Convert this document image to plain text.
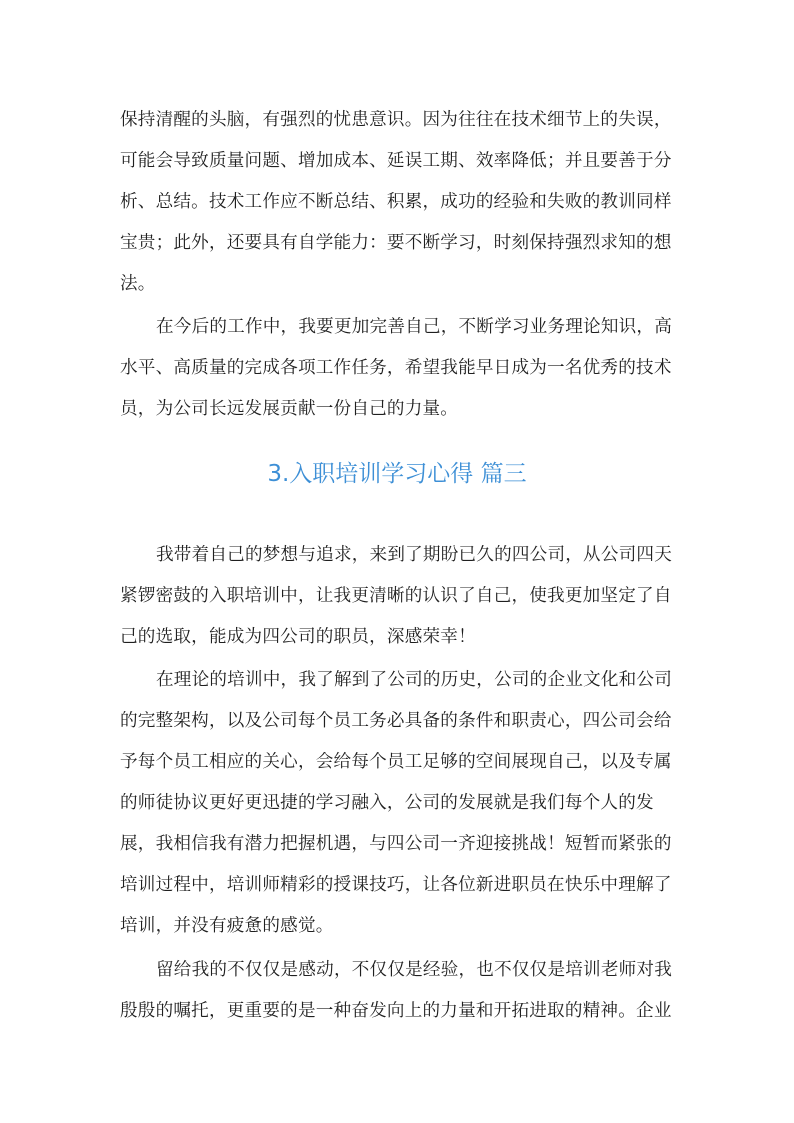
保持清醒的头脑，有强烈的忧患意识。因为往往在技术细节上的失误，
可能会导致质量问题、增加成本、延误工期、效率降低；并且要善于分
析、总结。技术工作应不断总结、积累，成功的经验和失败的教训同样
宝贵；此外，还要具有自学能力：要不断学习，时刻保持强烈求知的想
法。
在今后的工作中，我要更加完善自己，不断学习业务理论知识，高
水平、高质量的完成各项工作任务，希望我能早日成为一名优秀的技术
员，为公司长远发展贡献一份自己的力量。
3.入职培训学习心得 篇三
我带着自己的梦想与追求，来到了期盼已久的四公司，从公司四天
紧锣密鼓的入职培训中，让我更清晰的认识了自己，使我更加坚定了自
己的选取，能成为四公司的职员，深感荣幸！
在理论的培训中，我了解到了公司的历史，公司的企业文化和公司
的完整架构，以及公司每个员工务必具备的条件和职责心，四公司会给
予每个员工相应的关心，会给每个员工足够的空间展现自己，以及专属
的师徒协议更好更迅捷的学习融入，公司的发展就是我们每个人的发
展，我相信我有潜力把握机遇，与四公司一齐迎接挑战！短暂而紧张的
培训过程中，培训师精彩的授课技巧，让各位新进职员在快乐中理解了
培训，并没有疲惫的感觉。
留给我的不仅仅是感动，不仅仅是经验，也不仅仅是培训老师对我
殷殷的嘱托，更重要的是一种奋发向上的力量和开拓进取的精神。企业
